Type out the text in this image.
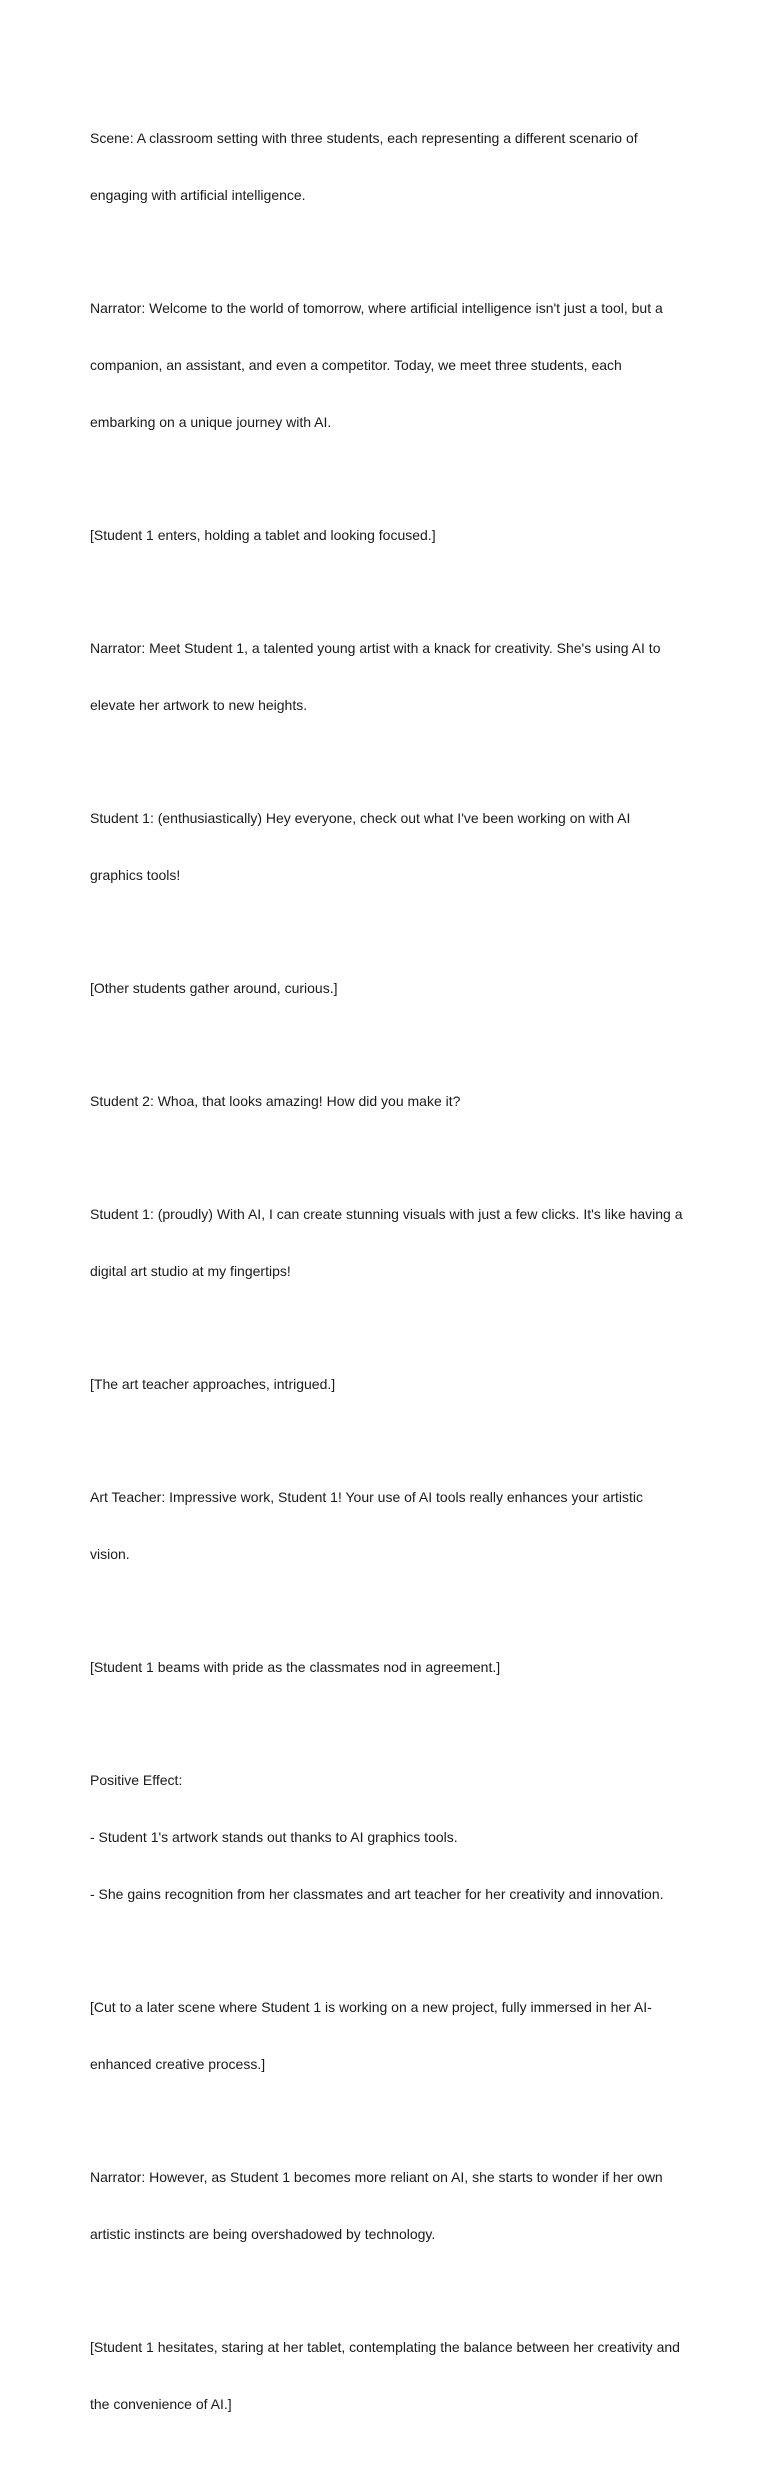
Scene: A classroom setting with three students, each representing a different scenario of

engaging with artificial intelligence.

Narrator: Welcome to the world of tomorrow, where artificial intelligence isn't just a tool, but a

companion, an assistant, and even a competitor. Today, we meet three students, each

embarking on a unique journey with AI.

[Student 1 enters, holding a tablet and looking focused.]

Narrator: Meet Student 1, a talented young artist with a knack for creativity. She's using AI to

elevate her artwork to new heights.

Student 1: (enthusiastically) Hey everyone, check out what I've been working on with AI

graphics tools!

[Other students gather around, curious.]

Student 2: Whoa, that looks amazing! How did you make it?

Student 1: (proudly) With AI, I can create stunning visuals with just a few clicks. It's like having a

digital art studio at my fingertips!

[The art teacher approaches, intrigued.]

Art Teacher: Impressive work, Student 1! Your use of AI tools really enhances your artistic

vision.

[Student 1 beams with pride as the classmates nod in agreement.]

Positive Effect:

- Student 1's artwork stands out thanks to AI graphics tools.

- She gains recognition from her classmates and art teacher for her creativity and innovation.

[Cut to a later scene where Student 1 is working on a new project, fully immersed in her AI-

enhanced creative process.]

Narrator: However, as Student 1 becomes more reliant on AI, she starts to wonder if her own

artistic instincts are being overshadowed by technology.

[Student 1 hesitates, staring at her tablet, contemplating the balance between her creativity and

the convenience of AI.]
